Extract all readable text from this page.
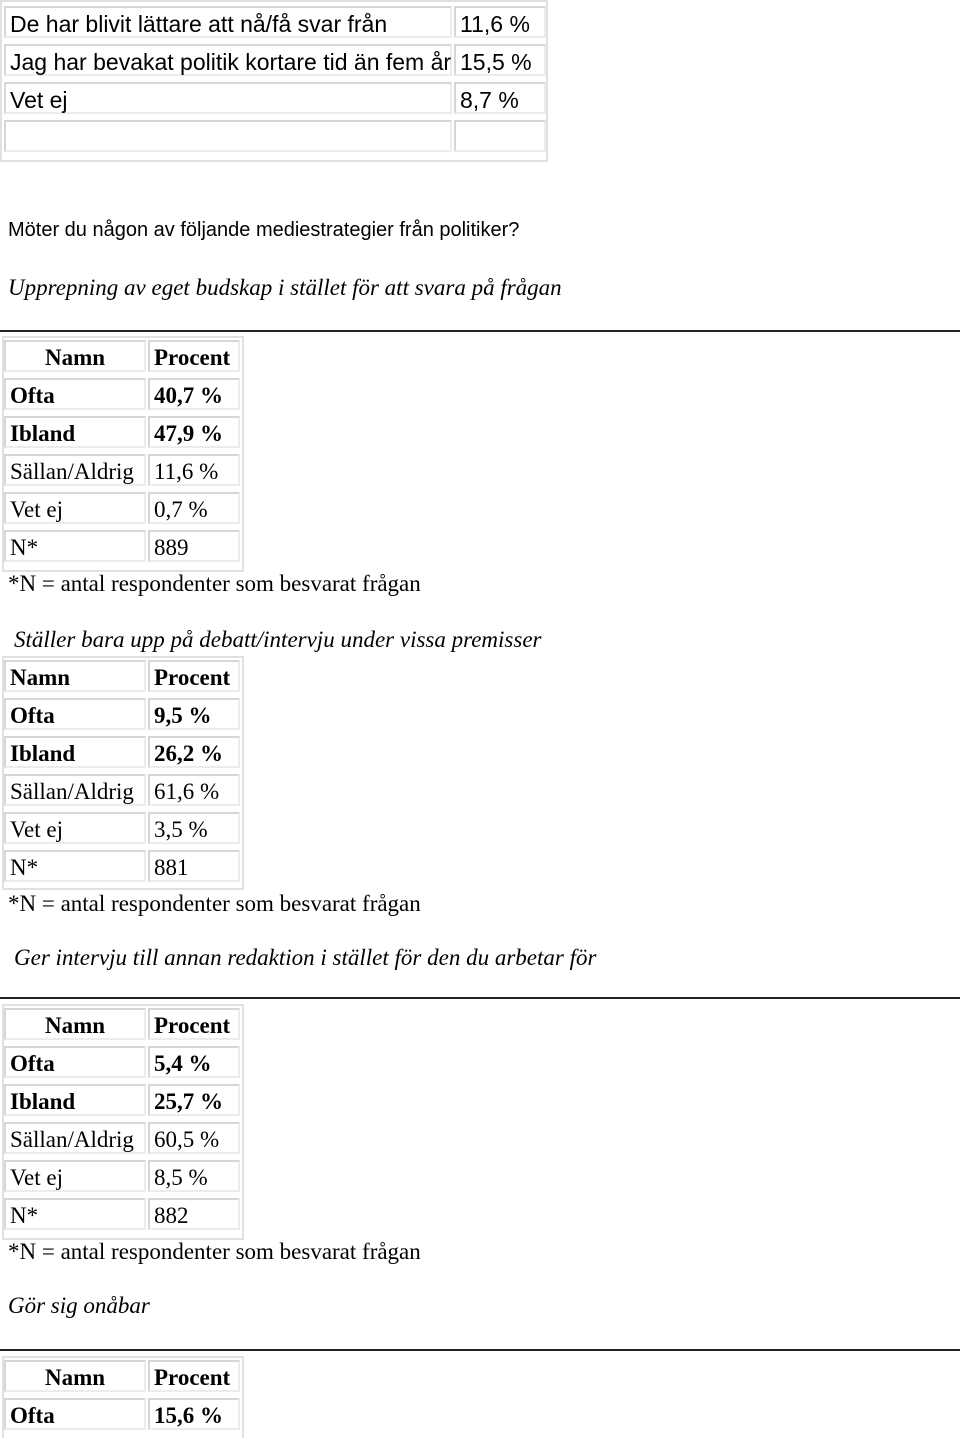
De har blivit lättare att nå/få svar från	11,6 %
Jag har bevakat politik kortare tid än fem år 15,5 %
Vet ej	8,7 %
Möter du någon av följande mediestrategier från politiker?
Upprepning av eget budskap i stället för att svara på frågan
Namn	Procent
Ofta	40,7 %
Ibland	47,9 %
Sällan/Aldrig 11,6 %
Vet ej	0,7 %
N*	889
*N = antal respondenter som besvarat frågan
Ställer bara upp på debatt/intervju under vissa premisser
Namn	Procent
Ofta	9,5 %
Ibland	26,2 %
Sällan/Aldrig 61,6 %
Vet ej	3,5 %
N*	881
*N = antal respondenter som besvarat frågan
Ger intervju till annan redaktion i stället för den du arbetar för
Namn	Procent
Ofta	5,4 %
Ibland	25,7 %
Sällan/Aldrig 60,5 %
Vet ej	8,5 %
N*	882
*N = antal respondenter som besvarat frågan
Gör sig onåbar
Namn	Procent
Ofta	15,6 %
